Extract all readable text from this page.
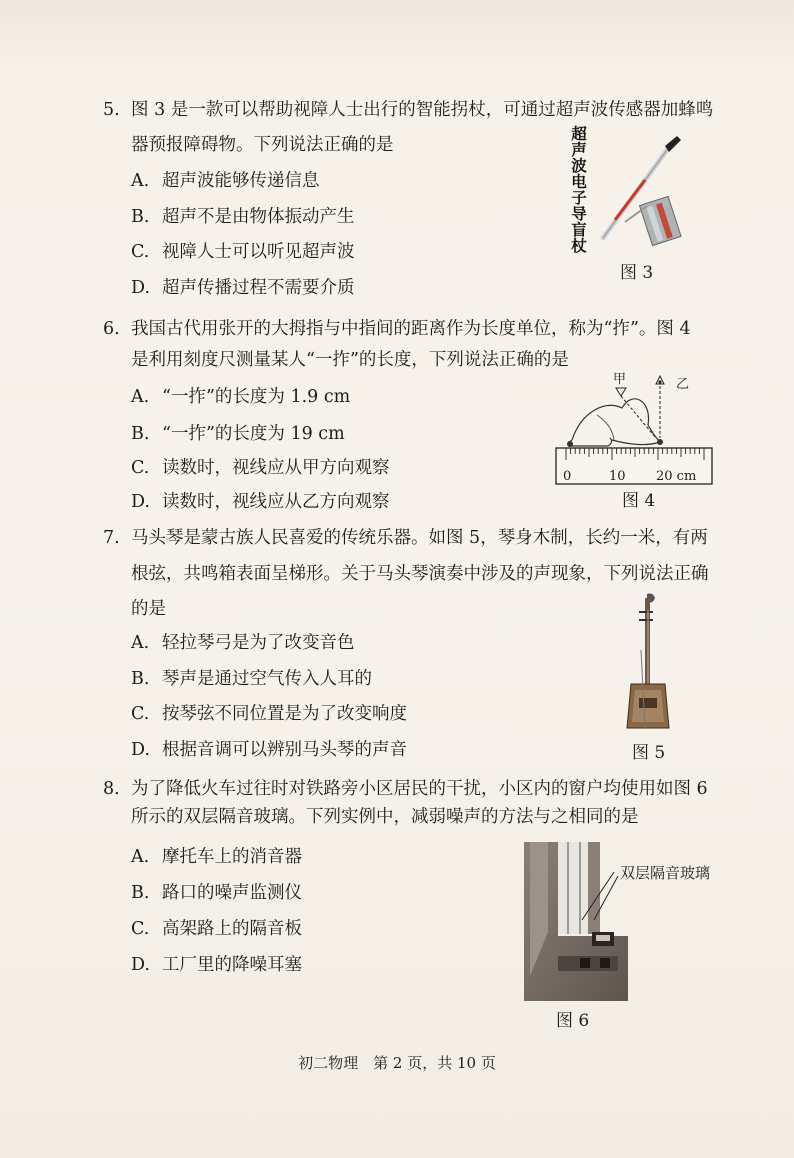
5. 图 3 是一款可以帮助视障人士出行的智能拐杖，可通过超声波传感器加蜂鸣
器预报障碍物。下列说法正确的是
A. 超声波能够传递信息
B. 超声不是由物体振动产生
C. 视障人士可以听见超声波
D. 超声传播过程不需要介质
超
声
波
电
子
导
盲
杖
图 3
6. 我国古代用张开的大拇指与中指间的距离作为长度单位，称为“拃”。图 4
是利用刻度尺测量某人“一拃”的长度，下列说法正确的是
A. “一拃”的长度为 1.9 cm
B. “一拃”的长度为 19 cm
C. 读数时，视线应从甲方向观察
D. 读数时，视线应从乙方向观察
甲	乙
0	10 20 cm
图 4
7. 马头琴是蒙古族人民喜爱的传统乐器。如图 5，琴身木制，长约一米，有两
根弦，共鸣箱表面呈梯形。关于马头琴演奏中涉及的声现象，下列说法正确
的是
A. 轻拉琴弓是为了改变音色
B. 琴声是通过空气传入人耳的
C. 按琴弦不同位置是为了改变响度
D. 根据音调可以辨别马头琴的声音	图 5
8. 为了降低火车过往时对铁路旁小区居民的干扰，小区内的窗户均使用如图 6
所示的双层隔音玻璃。下列实例中，减弱噪声的方法与之相同的是
A. 摩托车上的消音器
B. 路口的噪声监测仪
C. 高架路上的隔音板
D. 工厂里的降噪耳塞
双层隔音玻璃
图 6
初二物理　第 2 页，共 10 页
